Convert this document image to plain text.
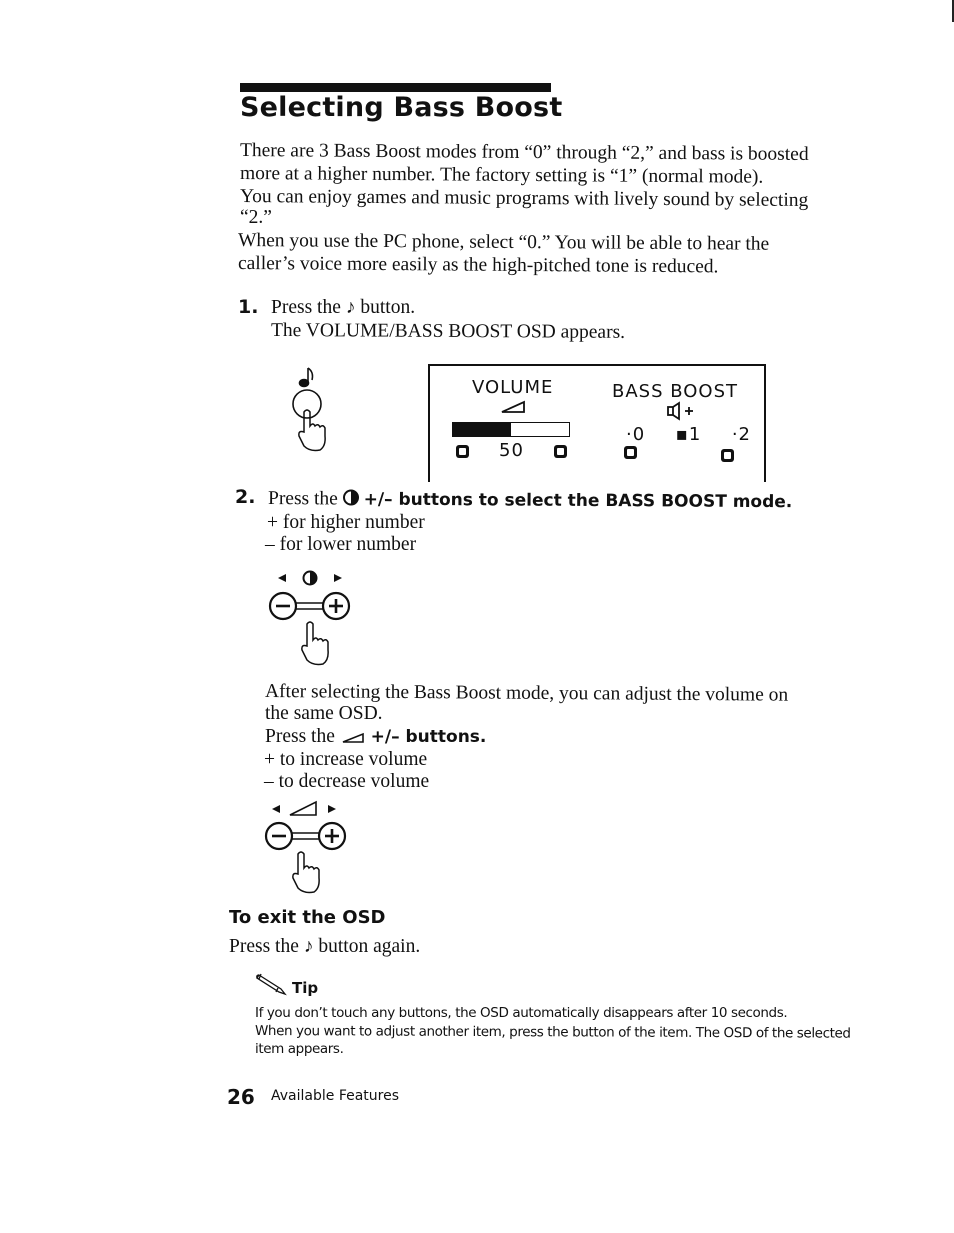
Selecting Bass Boost
There are 3 Bass Boost modes from “0” through “2,” and bass is boosted
more at a higher number. The factory setting is “1” (normal mode).
You can enjoy games and music programs with lively sound by selecting
“2.”
When you use the PC phone, select “0.” You will be able to hear the
caller’s voice more easily as the high-pitched tone is reduced.
1. Press the ♪ button.
The VOLUME/BASS BOOST OSD appears.
VOLUME	BASS BOOST
·0 ▪1 ·2
50
2. Press the +/– buttons to select the BASS BOOST mode.
+ for higher number
– for lower number
After selecting the Bass Boost mode, you can adjust the volume on
the same OSD.
Press the +/– buttons.
+ to increase volume
– to decrease volume
To exit the OSD
Press the ♪ button again.
Tip
If you don’t touch any buttons, the OSD automatically disappears after 10 seconds.
When you want to adjust another item, press the button of the item. The OSD of the selected
item appears.
26 Available Features
